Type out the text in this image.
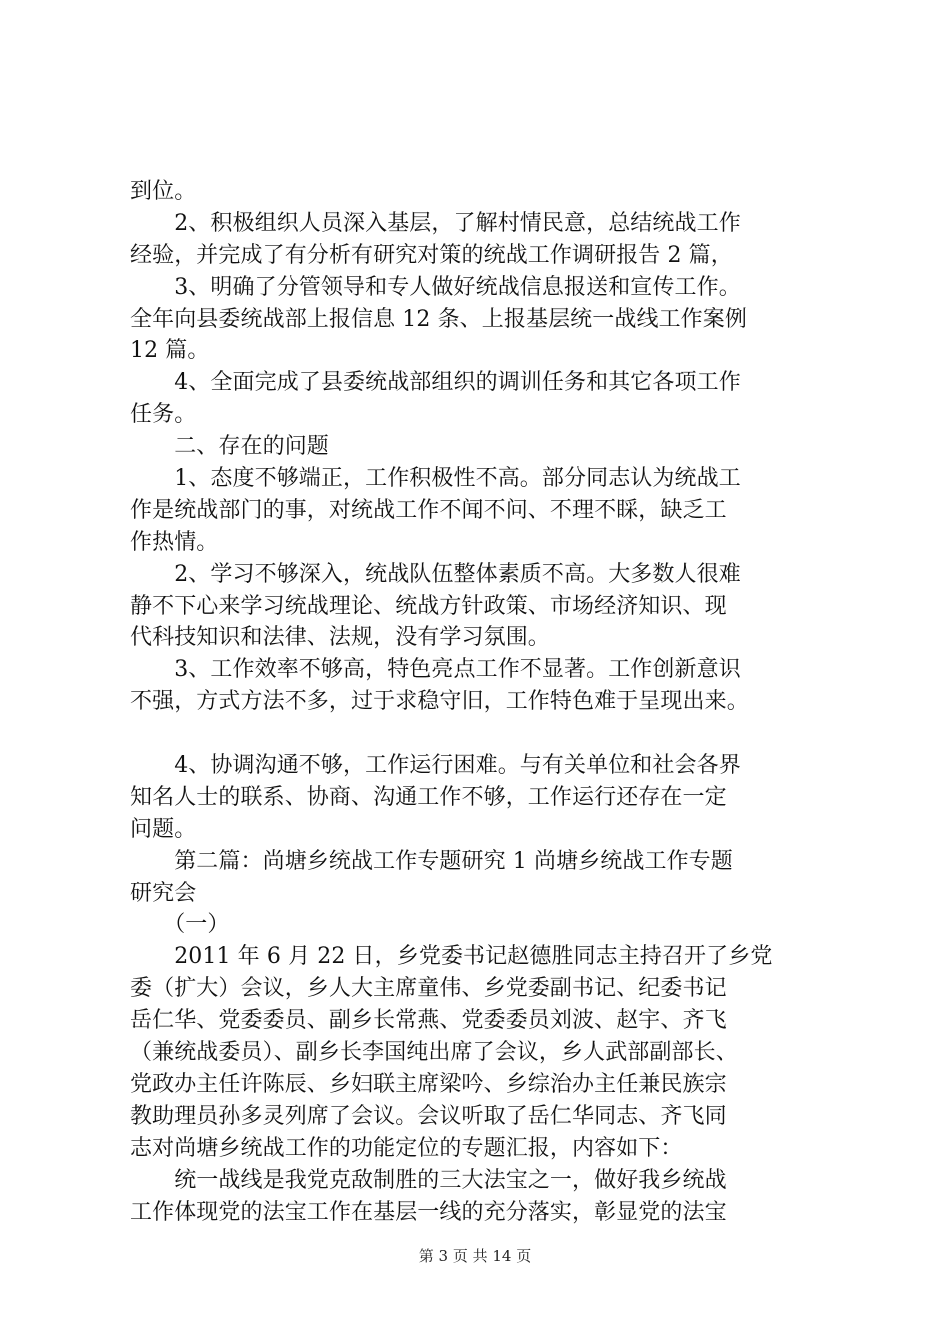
到位。
　　2、积极组织人员深入基层，了解村情民意，总结统战工作
经验，并完成了有分析有研究对策的统战工作调研报告 2 篇，
　　3、明确了分管领导和专人做好统战信息报送和宣传工作。
全年向县委统战部上报信息 12 条、上报基层统一战线工作案例
12 篇。
　　4、全面完成了县委统战部组织的调训任务和其它各项工作
任务。
　　二、存在的问题
　　1、态度不够端正，工作积极性不高。部分同志认为统战工
作是统战部门的事，对统战工作不闻不问、不理不睬，缺乏工
作热情。
　　2、学习不够深入，统战队伍整体素质不高。大多数人很难
静不下心来学习统战理论、统战方针政策、市场经济知识、现
代科技知识和法律、法规，没有学习氛围。
　　3、工作效率不够高，特色亮点工作不显著。工作创新意识
不强，方式方法不多，过于求稳守旧，工作特色难于呈现出来。
　　4、协调沟通不够，工作运行困难。与有关单位和社会各界
知名人士的联系、协商、沟通工作不够，工作运行还存在一定
问题。
　　第二篇：尚塘乡统战工作专题研究 1 尚塘乡统战工作专题
研究会
　　（一）
　　2011 年 6 月 22 日，乡党委书记赵德胜同志主持召开了乡党
委（扩大）会议，乡人大主席童伟、乡党委副书记、纪委书记
岳仁华、党委委员、副乡长常燕、党委委员刘波、赵宇、齐飞
（兼统战委员）、副乡长李国纯出席了会议，乡人武部副部长、
党政办主任许陈辰、乡妇联主席梁吟、乡综治办主任兼民族宗
教助理员孙多灵列席了会议。会议听取了岳仁华同志、齐飞同
志对尚塘乡统战工作的功能定位的专题汇报，内容如下：
　　统一战线是我党克敌制胜的三大法宝之一，做好我乡统战
工作体现党的法宝工作在基层一线的充分落实，彰显党的法宝
第 3 页 共 14 页
